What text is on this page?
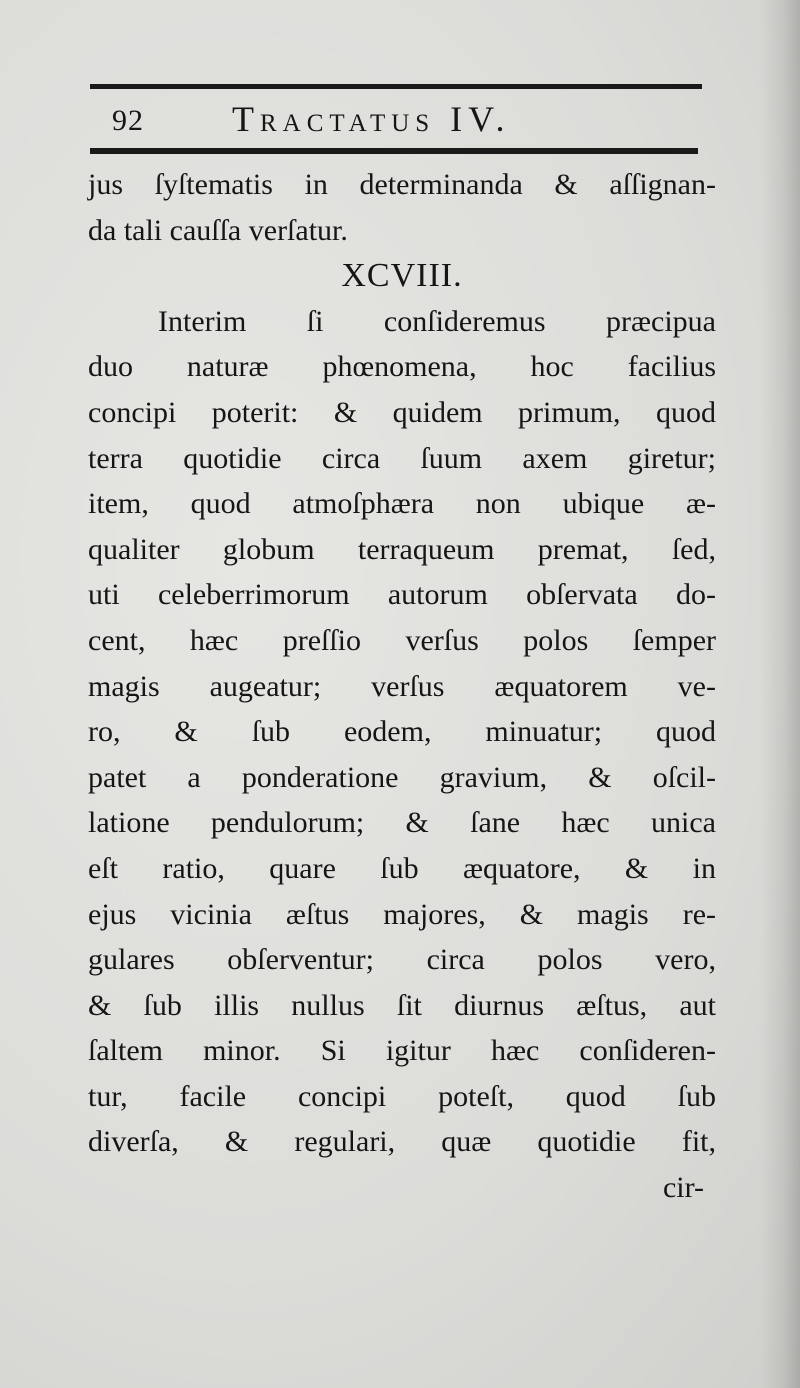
92 Tractatus IV.
jus ſyſtematis in determinanda & aſſignan-
da tali cauſſa verſatur.
XCVIII.
Interim ſi conſideremus præcipua
duo naturæ phœnomena, hoc facilius
concipi poterit: & quidem primum, quod
terra quotidie circa ſuum axem giretur;
item, quod atmoſphæra non ubique æ-
qualiter globum terraqueum premat, ſed,
uti celeberrimorum autorum obſervata do-
cent, hæc preſſio verſus polos ſemper
magis augeatur; verſus æquatorem ve-
ro, & ſub eodem, minuatur; quod
patet a ponderatione gravium, & oſcil-
latione pendulorum; & ſane hæc unica
eſt ratio, quare ſub æquatore, & in
ejus vicinia æſtus majores, & magis re-
gulares obſerventur; circa polos vero,
& ſub illis nullus ſit diurnus æſtus, aut
ſaltem minor. Si igitur hæc conſideren-
tur, facile concipi poteſt, quod ſub
diverſa, & regulari, quæ quotidie fit,
cir-
